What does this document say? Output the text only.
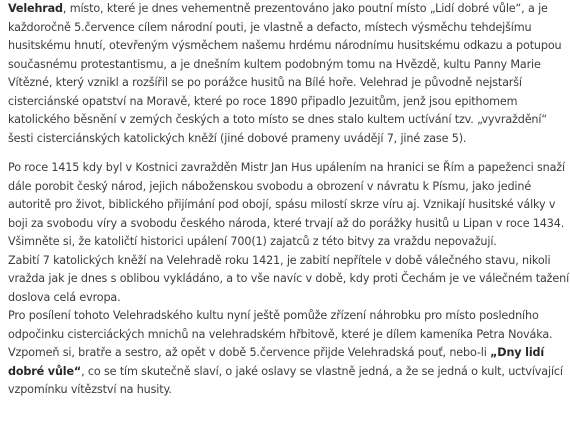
Velehrad, místo, které je dnes vehementně prezentováno jako poutní místo „Lidí dobré vůle“, a je
každoročně 5.července cílem národní pouti, je vlastně a defacto, místech výsměchu tehdejšímu
husitskému hnutí, otevřeným výsměchem našemu hrdému národnímu husitskému odkazu a potupou
současnému protestantismu, a je dnešním kultem podobným tomu na Hvězdě, kultu Panny Marie
Vítězné, který vznikl a rozšířil se po porážce husitů na Bílé hoře. Velehrad je původně nejstarší
cisterciánské opatství na Moravě, které po roce 1890 připadlo Jezuitům, jenž jsou epithomem
katolického běsnění v zemých českých a toto místo se dnes stalo kultem uctívání tzv. „vyvraždění“
šesti cisterciánských katolických kněží (jiné dobové prameny uvádějí 7, jiné zase 5).
Po roce 1415 kdy byl v Kostnici zavražděn Mistr Jan Hus upálením na hranici se Řím a papeženci snaží
dále porobit český národ, jejich náboženskou svobodu a obrození v návratu k Písmu, jako jediné
autoritě pro život, biblického přijímání pod obojí, spásu milostí skrze víru aj. Vznikají husitské války v
boji za svobodu víry a svobodu českého národa, které trvají až do porážky husitů u Lipan v roce 1434.
Všimněte si, že katoličtí historici upálení 700(1) zajatců z této bitvy za vraždu nepovažují.
Zabití 7 katolických kněží na Velehradě roku 1421, je zabití nepřítele v době válečného stavu, nikoli
vražda jak je dnes s oblibou vykládáno, a to vše navíc v době, kdy proti Čechám je ve válečném tažení
doslova celá evropa.
Pro posílení tohoto Velehradského kultu nyní ještě pomůže zřízení náhrobku pro místo posledního
odpočinku cisterciáckých mnichů na velehradském hřbitově, které je dílem kameníka Petra Nováka.
Vzpomeň si, bratře a sestro, až opět v době 5.července přijde Velehradská pouť, nebo-li „Dny lidí
dobré vůle“, co se tím skutečně slaví, o jaké oslavy se vlastně jedná, a že se jedná o kult, uctvívající
vzpomínku vítězství na husity.
